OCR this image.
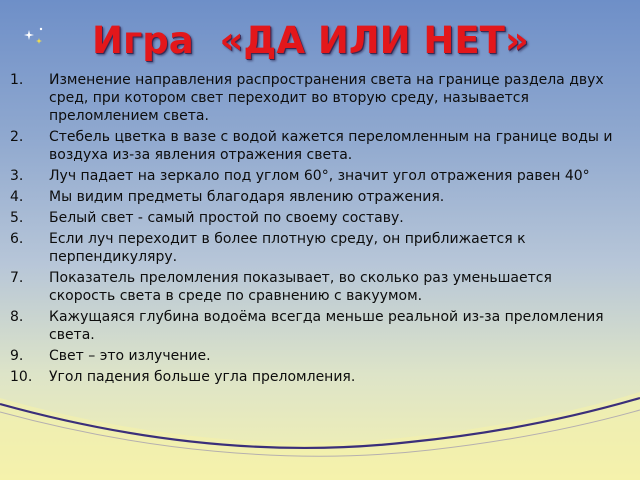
Игра  «ДА ИЛИ НЕТ»
1.	Изменение направления распространения света на границе раздела двух сред, при котором свет переходит во вторую среду, называется преломлением света.
2.	Стебель цветка в вазе с водой кажется переломленным на границе воды и воздуха из-за явления отражения света.
3.	Луч падает на зеркало под углом 60°, значит угол отражения равен 40°
4.	Мы видим предметы благодаря явлению отражения.
5.	Белый свет - самый простой по своему составу.
6.	Если луч переходит в более плотную среду, он приближается к перпендикуляру.
7.	Показатель преломления показывает, во сколько раз уменьшается скорость света в среде по сравнению с вакуумом.
8.	Кажущаяся глубина водоёма всегда меньше реальной из-за преломления света.
9.	Свет – это излучение.
10.	Угол падения больше угла преломления.
